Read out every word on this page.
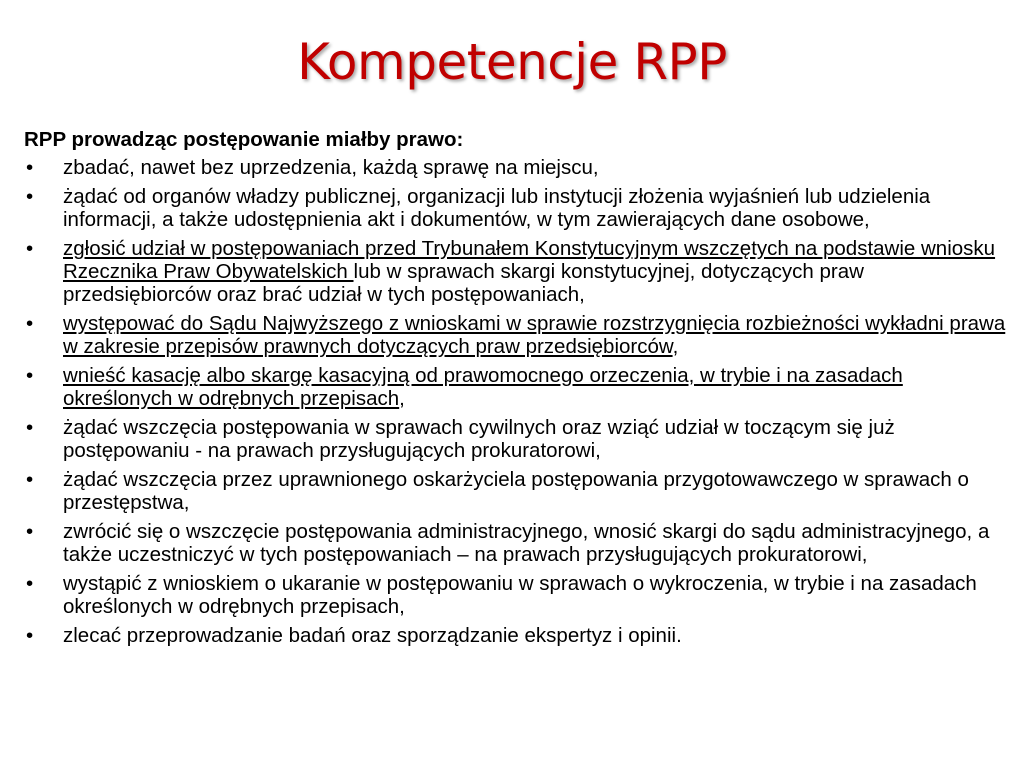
Kompetencje RPP
RPP prowadząc postępowanie miałby prawo:
• zbadać, nawet bez uprzedzenia, każdą sprawę na miejscu,
• żądać od organów władzy publicznej, organizacji lub instytucji złożenia wyjaśnień lub udzielenia informacji, a także udostępnienia akt i dokumentów, w tym zawierających dane osobowe,
• zgłosić udział w postępowaniach przed Trybunałem Konstytucyjnym wszczętych na podstawie wniosku Rzecznika Praw Obywatelskich lub w sprawach skargi konstytucyjnej, dotyczących praw przedsiębiorców oraz brać udział w tych postępowaniach,
• występować do Sądu Najwyższego z wnioskami w sprawie rozstrzygnięcia rozbieżności wykładni prawa w zakresie przepisów prawnych dotyczących praw przedsiębiorców,
• wnieść kasację albo skargę kasacyjną od prawomocnego orzeczenia, w trybie i na zasadach określonych w odrębnych przepisach,
• żądać wszczęcia postępowania w sprawach cywilnych oraz wziąć udział w toczącym się już postępowaniu - na prawach przysługujących prokuratorowi,
• żądać wszczęcia przez uprawnionego oskarżyciela postępowania przygotowawczego w sprawach o przestępstwa,
• zwrócić się o wszczęcie postępowania administracyjnego, wnosić skargi do sądu administracyjnego, a także uczestniczyć w tych postępowaniach – na prawach przysługujących prokuratorowi,
• wystąpić z wnioskiem o ukaranie w postępowaniu w sprawach o wykroczenia, w trybie i na zasadach określonych w odrębnych przepisach,
• zlecać przeprowadzanie badań oraz sporządzanie ekspertyz i opinii.
